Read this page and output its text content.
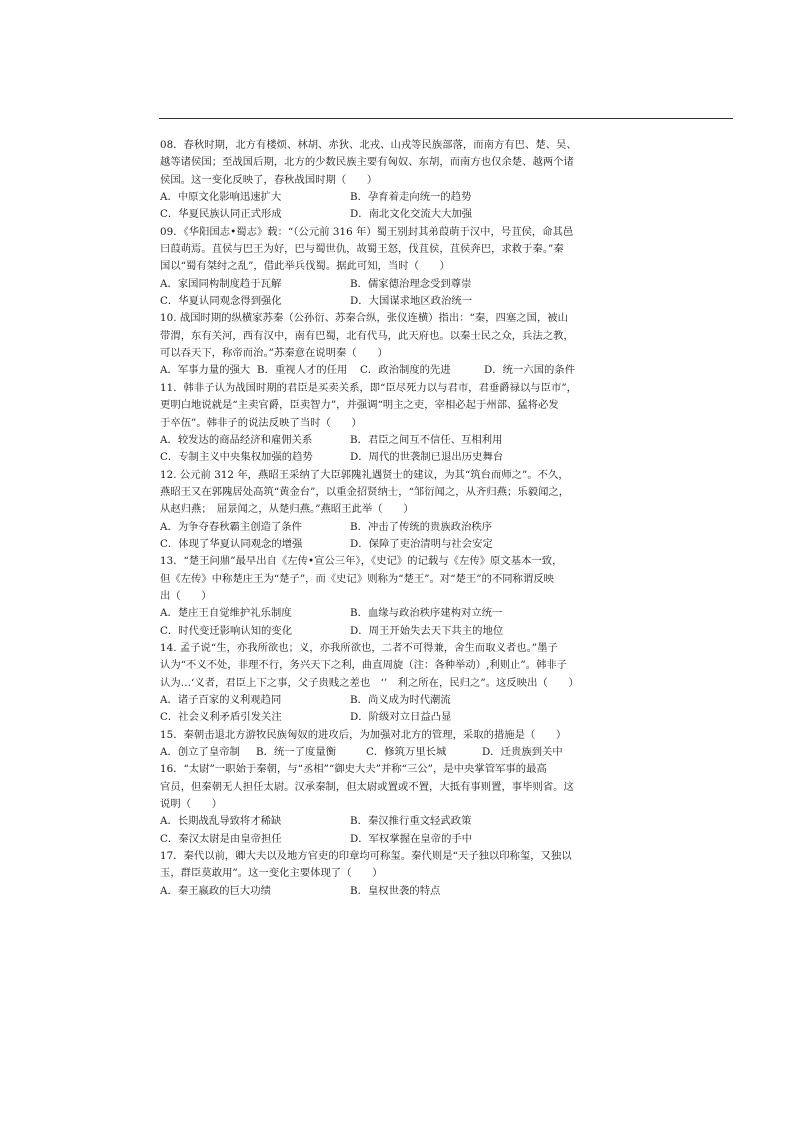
08．春秋时期，北方有楼烦、林胡、赤狄、北戎、山戎等民族部落，而南方有巴、楚、吴、
越等诸侯国；至战国后期，北方的少数民族主要有匈奴、东胡，而南方也仅余楚、越两个诸
侯国。这一变化反映了，春秋战国时期（　　）

A．中原文化影响迅速扩大	B．孕育着走向统一的趋势
C．华夏民族认同正式形成	D．南北文化交流大大加强

09．《华阳国志•蜀志》载：“（公元前 316 年）蜀王别封其弟葭萌于汉中，号苴侯，命其邑
曰葭萌焉。苴侯与巴王为好，巴与蜀世仇，故蜀王怒，伐苴侯，苴侯奔巴，求救于秦。”秦
国以“蜀有桀纣之乱”，借此举兵伐蜀。据此可知，当时（　　）

A．家国同构制度趋于瓦解	B．儒家德治理念受到尊崇
C．华夏认同观念得到强化	D．大国谋求地区政治统一

10. 战国时期的纵横家苏秦（公孙衍、苏秦合纵，张仪连横）指出：“秦，四塞之国，被山
带渭，东有关河，西有汉中，南有巴蜀，北有代马，此天府也。以秦士民之众，兵法之教，
可以吞天下，称帝而治。”苏秦意在说明秦（　　）

A．军事力量的强大 B．重视人才的任用	C．政治制度的先进	D．统一六国的条件

11．韩非子认为战国时期的君臣是买卖关系，即“臣尽死力以与君市，君垂爵禄以与臣市”，
更明白地说就是“主卖官爵，臣卖智力”，并强调“明主之吏，宰相必起于州部、猛将必发
于卒伍”。韩非子的说法反映了当时（　　）

A．较发达的商品经济和雇佣关系	B．君臣之间互不信任、互相利用
C．专制主义中央集权加强的趋势	D．周代的世袭制已退出历史舞台

12. 公元前 312 年，燕昭王采纳了大臣郭隗礼遇贤士的建议，为其“筑台而师之”。不久，
燕昭王又在郭隗居处高筑“黄金台”，以重金招贤纳士，“邹衍闻之，从齐归燕；乐毅闻之，
从赵归燕；　屈景闻之，从楚归燕。”燕昭王此举（　　）

A．为争夺春秋霸主创造了条件	B．冲击了传统的贵族政治秩序
C．体现了华夏认同观念的增强	D．保障了吏治清明与社会安定

13．“楚王问鼎”最早出自《左传•宣公三年》，《史记》的记载与《左传》原文基本一致，
但《左传》中称楚庄王为“楚子”，而《史记》则称为“楚王”。对“楚王”的不同称谓反映
出（　　）

A．楚庄王自觉维护礼乐制度	B．血缘与政治秩序建构对立统一
C．时代变迁影响认知的变化	D．周王开始失去天下共主的地位

14. 孟子说“生，亦我所欲也；义，亦我所欲也，二者不可得兼，舍生而取义者也。”墨子
认为“不义不处，非理不行，务兴天下之利，曲直周旋（注：各种举动）,利则止”。韩非子
认为…‘义者，君臣上下之事，父子贵贱之差也　‘’　利之所在，民归之”。这反映出（　　）

A．诸子百家的义利观趋同	B．尚义成为时代潮流
C．社会义利矛盾引发关注	D．阶级对立日益凸显

15．秦朝击退北方游牧民族匈奴的进攻后，为加强对北方的管理，采取的措施是（　　）

A．创立了皇帝制	B．统一了度量衡	C．修筑万里长城	D．迁贵族到关中

16．“太尉”一职始于秦朝，与“丞相”“御史大夫”并称“三公”，是中央掌管军事的最高
官员，但秦朝无人担任太尉。汉承秦制，但太尉或置或不置，大抵有事则置，事毕则省。这
说明（　　）

A．长期战乱导致将才稀缺	B．秦汉推行重文轻武政策
C．秦汉太尉是由皇帝担任	D．军权掌握在皇帝的手中

17．秦代以前，卿大夫以及地方官吏的印章均可称玺。秦代则是“天子独以印称玺，又独以
玉，群臣莫敢用”。这一变化主要体现了（　　）

A．秦王嬴政的巨大功绩	B．皇权世袭的特点
